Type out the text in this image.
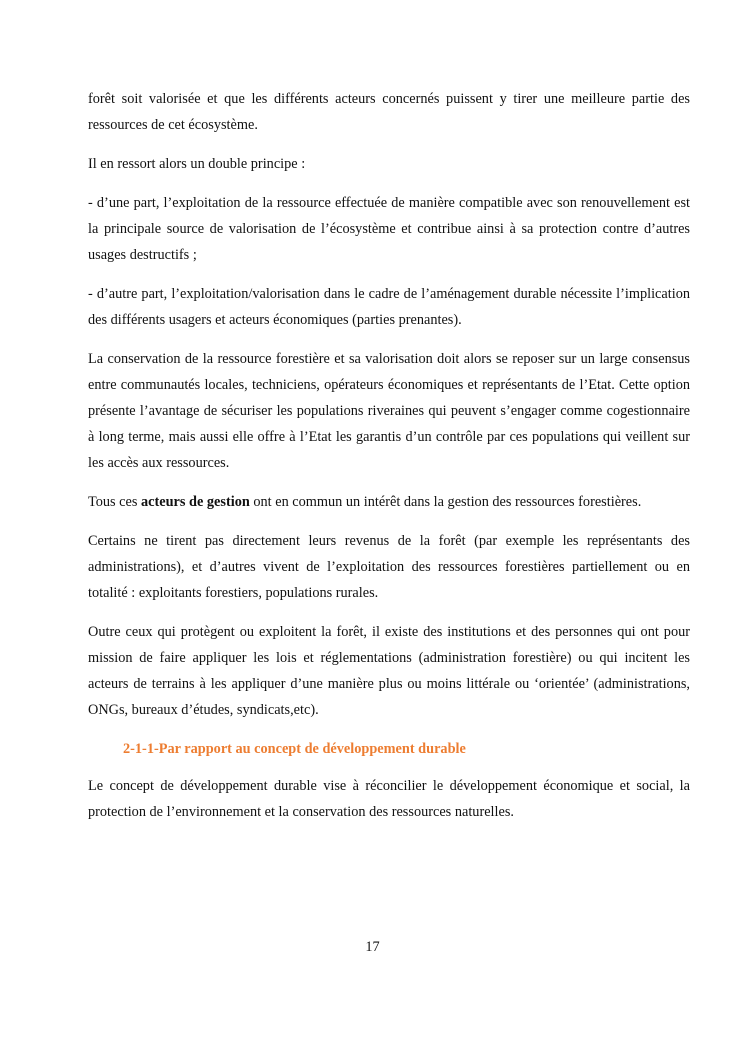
forêt soit valorisée et que les différents acteurs concernés puissent y tirer une meilleure partie des ressources de cet écosystème.

Il en ressort alors un double principe :

- d’une part, l’exploitation de la ressource effectuée de manière compatible avec son renouvellement est la principale source de valorisation de l’écosystème et contribue ainsi à sa protection contre d’autres usages destructifs ;

- d’autre part, l’exploitation/valorisation dans le cadre de l’aménagement durable nécessite l’implication des différents usagers et acteurs économiques (parties prenantes).

La conservation de la ressource forestière et sa valorisation doit alors se reposer sur un large consensus entre communautés locales, techniciens, opérateurs économiques et représentants de l’Etat. Cette option présente l’avantage de sécuriser les populations riveraines qui peuvent s’engager comme cogestionnaire à long terme, mais aussi elle offre à l’Etat les garantis d’un contrôle par ces populations qui veillent sur les accès aux ressources.

Tous ces acteurs de gestion ont en commun un intérêt dans la gestion des ressources forestières.

Certains ne tirent pas directement leurs revenus de la forêt (par exemple les représentants des administrations), et d’autres vivent de l’exploitation des ressources forestières partiellement ou en totalité : exploitants forestiers, populations rurales.

Outre ceux qui protègent ou exploitent la forêt, il existe des institutions et des personnes qui ont pour mission de faire appliquer les lois et réglementations (administration forestière) ou qui incitent les acteurs de terrains à les appliquer d’une manière plus ou moins littérale ou ‘orientée’ (administrations, ONGs, bureaux d’études, syndicats,etc).

2-1-1-Par rapport au concept de développement durable

Le concept de développement durable vise à réconcilier le développement économique et social, la protection de l’environnement et la conservation des ressources naturelles.

17
